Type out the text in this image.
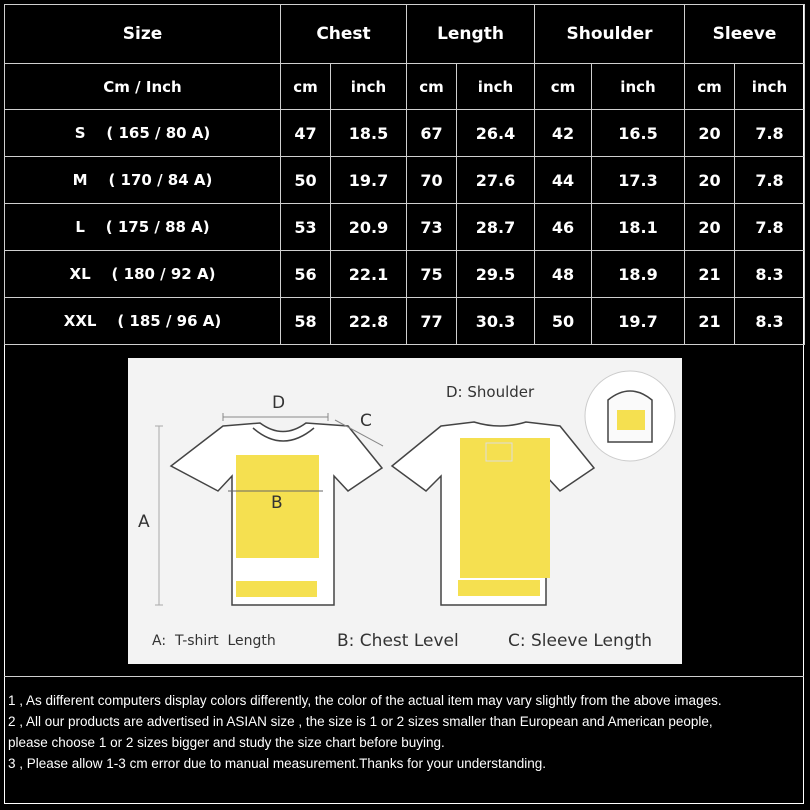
Size	Chest		Length		Shoulder		Sleeve	
Cm / Inch	cm	inch	cm	inch	cm	inch	cm	inch
S    ( 165 / 80 A)	47	18.5	67	26.4	42	16.5	20	7.8
M    ( 170 / 84 A)	50	19.7	70	27.6	44	17.3	20	7.8
L    ( 175 / 88 A)	53	20.9	73	28.7	46	18.1	20	7.8
XL    ( 180 / 92 A)	56	22.1	75	29.5	48	18.9	21	8.3
XXL    ( 185 / 96 A)	58	22.8	77	30.3	50	19.7	21	8.3
A
B
C
D
D: Shoulder
A:  T-shirt  Length	B: Chest Level	C: Sleeve Length
1 , As different computers display colors differently, the color of the actual item may vary slightly from the above images.
2 , All our products are advertised in ASIAN size , the size is 1 or 2 sizes smaller than European and American people,
please choose 1 or 2 sizes bigger and study the size chart before buying.
3 , Please allow 1-3 cm error due to manual measurement.Thanks for your understanding.
